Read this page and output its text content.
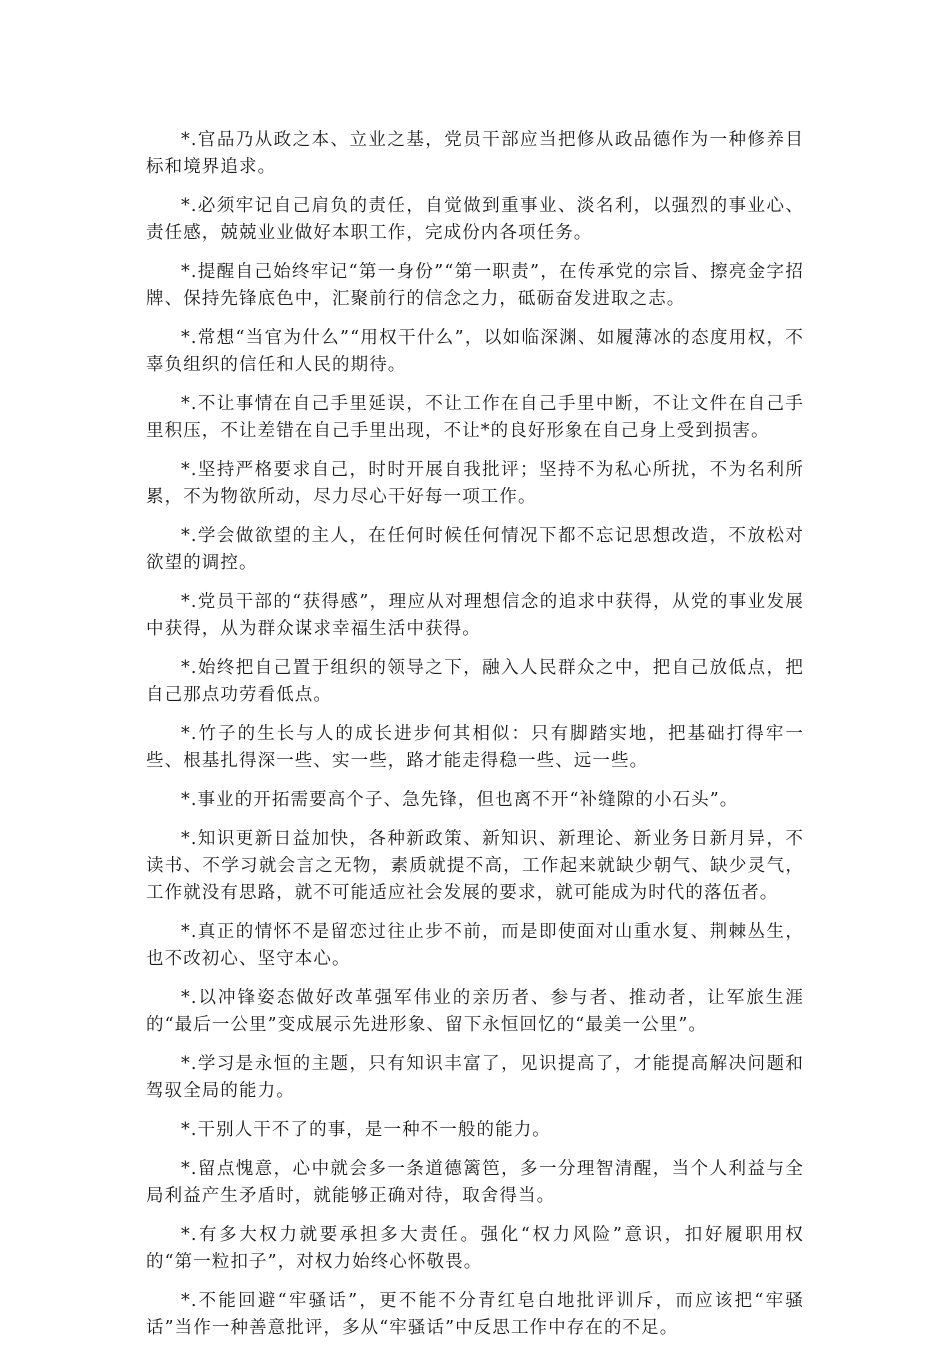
*.官品乃从政之本、立业之基，党员干部应当把修从政品德作为一种修养目标和境界追求。

*.必须牢记自己肩负的责任，自觉做到重事业、淡名利，以强烈的事业心、责任感，兢兢业业做好本职工作，完成份内各项任务。

*.提醒自己始终牢记“第一身份”“第一职责”，在传承党的宗旨、擦亮金字招牌、保持先锋底色中，汇聚前行的信念之力，砥砺奋发进取之志。

*.常想“当官为什么”“用权干什么”，以如临深渊、如履薄冰的态度用权，不辜负组织的信任和人民的期待。

*.不让事情在自己手里延误，不让工作在自己手里中断，不让文件在自己手里积压，不让差错在自己手里出现，不让*的良好形象在自己身上受到损害。

*.坚持严格要求自己，时时开展自我批评；坚持不为私心所扰，不为名利所累，不为物欲所动，尽力尽心干好每一项工作。

*.学会做欲望的主人，在任何时候任何情况下都不忘记思想改造，不放松对欲望的调控。

*.党员干部的“获得感”，理应从对理想信念的追求中获得，从党的事业发展中获得，从为群众谋求幸福生活中获得。

*.始终把自己置于组织的领导之下，融入人民群众之中，把自己放低点，把自己那点功劳看低点。

*.竹子的生长与人的成长进步何其相似：只有脚踏实地，把基础打得牢一些、根基扎得深一些、实一些，路才能走得稳一些、远一些。

*.事业的开拓需要高个子、急先锋，但也离不开“补缝隙的小石头”。

*.知识更新日益加快，各种新政策、新知识、新理论、新业务日新月异，不读书、不学习就会言之无物，素质就提不高，工作起来就缺少朝气、缺少灵气，工作就没有思路，就不可能适应社会发展的要求，就可能成为时代的落伍者。

*.真正的情怀不是留恋过往止步不前，而是即使面对山重水复、荆棘丛生，也不改初心、坚守本心。

*.以冲锋姿态做好改革强军伟业的亲历者、参与者、推动者，让军旅生涯的“最后一公里”变成展示先进形象、留下永恒回忆的“最美一公里”。

*.学习是永恒的主题，只有知识丰富了，见识提高了，才能提高解决问题和驾驭全局的能力。

*.干别人干不了的事，是一种不一般的能力。

*.留点愧意，心中就会多一条道德篱笆，多一分理智清醒，当个人利益与全局利益产生矛盾时，就能够正确对待，取舍得当。

*.有多大权力就要承担多大责任。强化“权力风险”意识，扣好履职用权的“第一粒扣子”，对权力始终心怀敬畏。

*.不能回避“牢骚话”，更不能不分青红皂白地批评训斥，而应该把“牢骚话”当作一种善意批评，多从“牢骚话”中反思工作中存在的不足。
